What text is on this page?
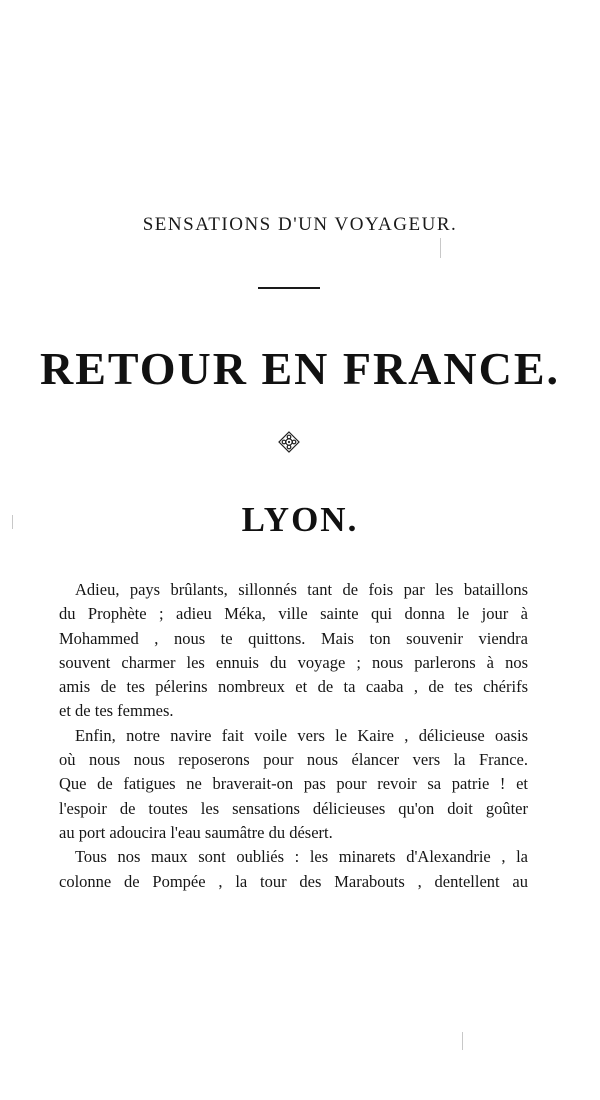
SENSATIONS D'UN VOYAGEUR.
RETOUR EN FRANCE.
LYON.
Adieu, pays brûlants, sillonnés tant de fois par les bataillons
du Prophète ; adieu Méka, ville sainte qui donna le jour à
Mohammed , nous te quittons. Mais ton souvenir viendra
souvent charmer les ennuis du voyage ; nous parlerons à nos
amis de tes pélerins nombreux et de ta caaba , de tes chérifs
et de tes femmes.
Enfin, notre navire fait voile vers le Kaire , délicieuse oasis
où nous nous reposerons pour nous élancer vers la France.
Que de fatigues ne braverait-on pas pour revoir sa patrie ! et
l'espoir de toutes les sensations délicieuses qu'on doit goûter
au port adoucira l'eau saumâtre du désert.
Tous nos maux sont oubliés : les minarets d'Alexandrie , la
colonne de Pompée , la tour des Marabouts , dentellent au
